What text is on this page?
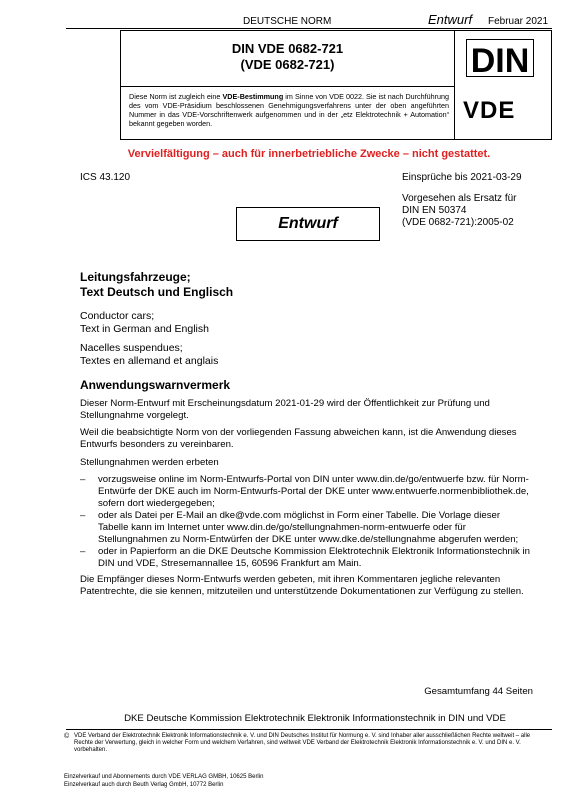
DEUTSCHE NORM	Entwurf Februar 2021
DIN VDE 0682-721
(VDE 0682-721)
Diese Norm ist zugleich eine VDE-Bestimmung im Sinne von VDE 0022. Sie ist nach Durchführung des vom VDE-Präsidium beschlossenen Genehmigungsverfahrens unter der oben angeführten Nummer in das VDE-Vorschriftenwerk aufgenommen und in der „etz Elektrotechnik + Automation“ bekannt gegeben worden.
DIN
VDE
Vervielfältigung – auch für innerbetriebliche Zwecke – nicht gestattet.
ICS 43.120	Einsprüche bis 2021-03-29
Vorgesehen als Ersatz für
DIN EN 50374
(VDE 0682-721):2005-02
Entwurf
Leitungsfahrzeuge;
Text Deutsch und Englisch
Conductor cars;
Text in German and English
Nacelles suspendues;
Textes en allemand et anglais
Anwendungswarnvermerk
Dieser Norm-Entwurf mit Erscheinungsdatum 2021-01-29 wird der Öffentlichkeit zur Prüfung und Stellungnahme vorgelegt.
Weil die beabsichtigte Norm von der vorliegenden Fassung abweichen kann, ist die Anwendung dieses Entwurfs besonders zu vereinbaren.
Stellungnahmen werden erbeten
– vorzugsweise online im Norm-Entwurfs-Portal von DIN unter www.din.de/go/entwuerfe bzw. für Norm-Entwürfe der DKE auch im Norm-Entwurfs-Portal der DKE unter www.entwuerfe.normenbibliothek.de, sofern dort wiedergegeben;
– oder als Datei per E-Mail an dke@vde.com möglichst in Form einer Tabelle. Die Vorlage dieser Tabelle kann im Internet unter www.din.de/go/stellungnahmen-norm-entwuerfe oder für Stellungnahmen zu Norm-Entwürfen der DKE unter www.dke.de/stellungnahme abgerufen werden;
– oder in Papierform an die DKE Deutsche Kommission Elektrotechnik Elektronik Informationstechnik in DIN und VDE, Stresemannallee 15, 60596 Frankfurt am Main.
Die Empfänger dieses Norm-Entwurfs werden gebeten, mit ihren Kommentaren jegliche relevanten Patentrechte, die sie kennen, mitzuteilen und unterstützende Dokumentationen zur Verfügung zu stellen.
Gesamtumfang 44 Seiten
DKE Deutsche Kommission Elektrotechnik Elektronik Informationstechnik in DIN und VDE
© VDE Verband der Elektrotechnik Elektronik Informationstechnik e. V. und DIN Deutsches Institut für Normung e. V. sind Inhaber aller ausschließlichen Rechte weltweit – alle Rechte der Verwertung, gleich in welcher Form und welchem Verfahren, sind weltweit VDE Verband der Elektrotechnik Elektronik Informationstechnik e. V. und DIN e. V. vorbehalten.
Einzelverkauf und Abonnements durch VDE VERLAG GMBH, 10625 Berlin
Einzelverkauf auch durch Beuth Verlag GmbH, 10772 Berlin
